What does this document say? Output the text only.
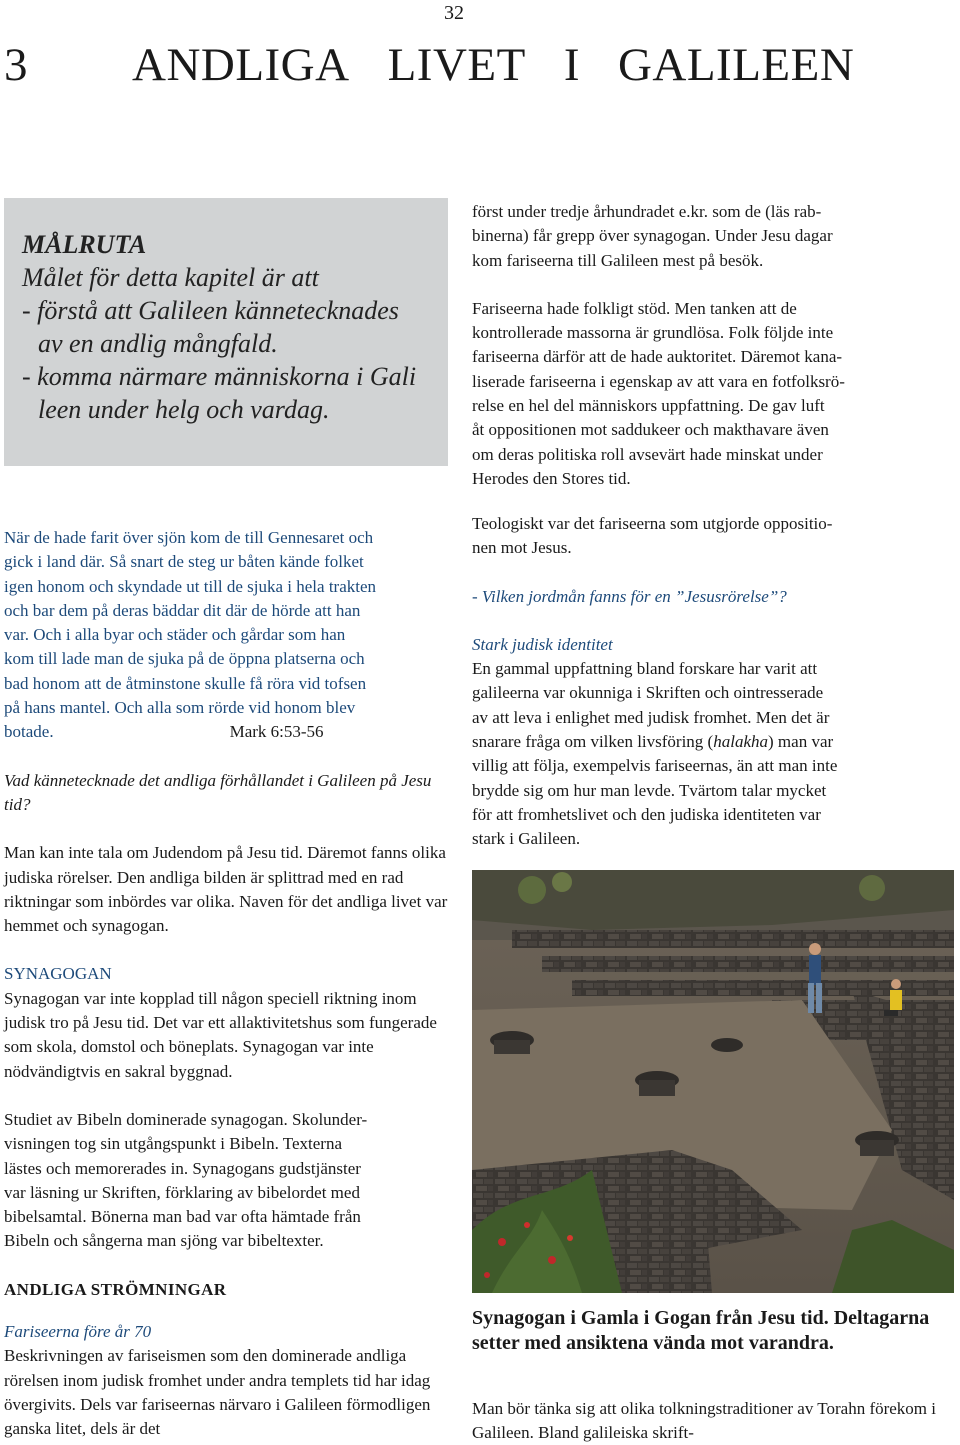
32
3 ANDLIGA LIVET I GALILEEN
MÅLRUTA
Målet för detta kapitel är att
- förstå att Galileen kännetecknades
av en andlig mångfald.
- komma närmare människorna i Gali
leen under helg och vardag.
När de hade farit över sjön kom de till Gennesaret och
gick i land där. Så snart de steg ur båten kände folket
igen honom och skyndade ut till de sjuka i hela trakten
och bar dem på deras bäddar dit där de hörde att han
var. Och i alla byar och städer och gårdar som han
kom till lade man de sjuka på de öppna platserna och
bad honom att de åtminstone skulle få röra vid tofsen
på hans mantel. Och alla som rörde vid honom blev
botade.	Mark 6:53-56

Vad kännetecknade det andliga förhållandet i Galileen på Jesu tid?

Man kan inte tala om Judendom på Jesu tid. Däremot fanns olika judiska rörelser. Den andliga bilden är splittrad med en rad riktningar som inbördes var olika. Naven för det andliga livet var hemmet och synagogan.

SYNAGOGAN

Synagogan var inte kopplad till någon speciell riktning inom judisk tro på Jesu tid. Det var ett allaktivitetshus som fungerade som skola, domstol och böneplats. Synagogan var inte nödvändigtvis en sakral byggnad.

Studiet av Bibeln dominerade synagogan. Skolunder-
visningen tog sin utgångspunkt i Bibeln. Texterna
lästes och memorerades in. Synagogans gudstjänster
var läsning ur Skriften, förklaring av bibelordet med
bibelsamtal. Bönerna man bad var ofta hämtade från
Bibeln och sångerna man sjöng var bibeltexter.

ANDLIGA STRÖMNINGAR

Fariseerna före år 70

Beskrivningen av fariseismen som den dominerade andliga rörelsen inom judisk fromhet under andra templets tid har idag övergivits. Dels var fariseernas närvaro i Galileen förmodligen ganska litet, dels är det

först under tredje århundradet e.kr. som de (läs rab-
binerna) får grepp över synagogan. Under Jesu dagar
kom fariseerna till Galileen mest på besök.
Fariseerna hade folkligt stöd. Men tanken att de
kontrollerade massorna är grundlösa. Folk följde inte
fariseerna därför att de hade auktoritet. Däremot kana-
liserade fariseerna i egenskap av att vara en fotfolksrö-
relse en hel del människors uppfattning. De gav luft
åt oppositionen mot saddukeer och makthavare även
om deras politiska roll avsevärt hade minskat under
Herodes den Stores tid.
Teologiskt var det fariseerna som utgjorde oppositio-
nen mot Jesus.

- Vilken jordmån fanns för en ”Jesusrörelse”?

Stark judisk identitet

En gammal uppfattning bland forskare har varit att
galileerna var okunniga i Skriften och ointresserade
av att leva i enlighet med judisk fromhet. Men det är
snarare fråga om vilken livsföring (halakha) man var
villig att följa, exempelvis fariseernas, än att man inte
brydde sig om hur man levde. Tvärtom talar mycket
för att fromhetslivet och den judiska identiteten var
stark i Galileen.
Synagogan i Gamla i Gogan från Jesu tid. Deltagarna setter med ansiktena vända mot varandra.
Man bör tänka sig att olika tolkningstraditioner av Torahn förekom i Galileen. Bland galileiska skrift-
